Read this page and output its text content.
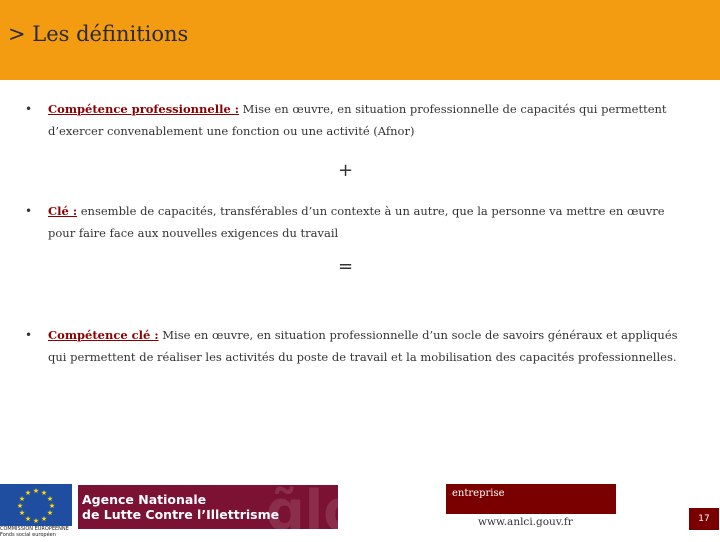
> Les définitions
• Compétence professionnelle : Mise en œuvre, en situation professionnelle de capacités qui permettent d’exercer convenablement une fonction ou une activité (Afnor)
+
• Clé : ensemble de capacités, transférables d’un contexte à un autre, que la personne va mettre en œuvre pour faire face aux nouvelles exigences du travail
=
• Compétence clé : Mise en œuvre, en situation professionnelle d’un socle de savoirs généraux et appliqués qui permettent de réaliser les activités du poste de travail et la mobilisation des capacités professionnelles.
★ ★
★
★
★
★
★
★
★
★
★
★
COMMISSION EUROPÉENNE
Fonds social européen	ɑ̃lɑ
Agence Nationale
de Lutte Contre l’Illettrisme
entreprise
www.anlci.gouv.fr	17
